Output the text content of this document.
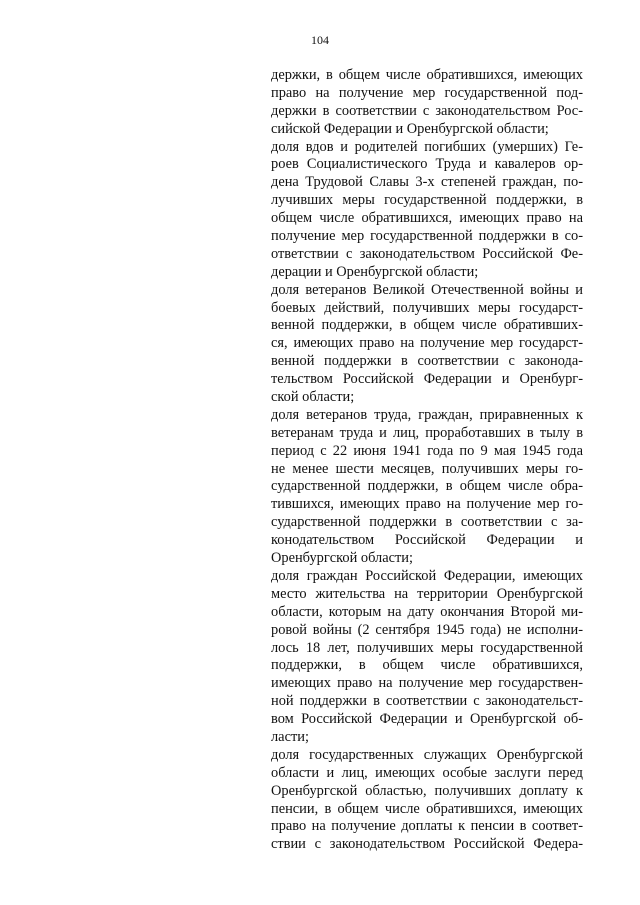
104
держки, в общем числе обратившихся, имеющих
право на получение мер государственной под-
держки в соответствии с законодательством Рос-
сийской Федерации и Оренбургской области;
доля вдов и родителей погибших (умерших) Ге-
роев Социалистического Труда и кавалеров ор-
дена Трудовой Славы 3-х степеней граждан, по-
лучивших меры государственной поддержки, в
общем числе обратившихся, имеющих право на
получение мер государственной поддержки в со-
ответствии с законодательством Российской Фе-
дерации и Оренбургской области;
доля ветеранов Великой Отечественной войны и
боевых действий, получивших меры государст-
венной поддержки, в общем числе обративших-
ся, имеющих право на получение мер государст-
венной поддержки в соответствии с законода-
тельством Российской Федерации и Оренбург-
ской области;
доля ветеранов труда, граждан, приравненных к
ветеранам труда и лиц, проработавших в тылу в
период с 22 июня 1941 года по 9 мая 1945 года
не менее шести месяцев, получивших меры го-
сударственной поддержки, в общем числе обра-
тившихся, имеющих право на получение мер го-
сударственной поддержки в соответствии с за-
конодательством Российской Федерации и
Оренбургской области;
доля граждан Российской Федерации, имеющих
место жительства на территории Оренбургской
области, которым на дату окончания Второй ми-
ровой войны (2 сентября 1945 года) не исполни-
лось 18 лет, получивших меры государственной
поддержки, в общем числе обратившихся,
имеющих право на получение мер государствен-
ной поддержки в соответствии с законодательст-
вом Российской Федерации и Оренбургской об-
ласти;
доля государственных служащих Оренбургской
области и лиц, имеющих особые заслуги перед
Оренбургской областью, получивших доплату к
пенсии, в общем числе обратившихся, имеющих
право на получение доплаты к пенсии в соответ-
ствии с законодательством Российской Федера-
